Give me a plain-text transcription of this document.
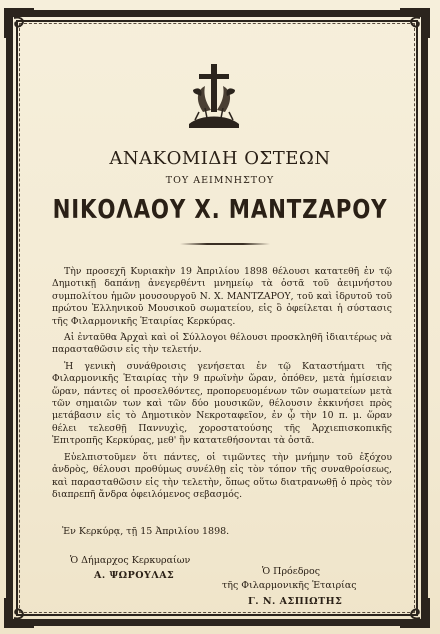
ΑΝΑΚΟΜΙΔΗ ΟΣΤΕΩΝ
ΤΟΥ ΑΕΙΜΝΗΣΤΟΥ
ΝΙΚΟΛΑΟΥ Χ. ΜΑΝΤΖΑΡΟΥ

Τὴν προσεχῆ Κυριακὴν 19 Ἀπριλίου 1898 θέλουσι κατατεθῆ ἐν τῷ Δημοτικῇ δαπάνῃ ἀνεγερθέντι μνημείῳ τὰ ὀστᾶ τοῦ ἀειμνήστου συμπολίτου ἡμῶν μουσουργοῦ Ν. Χ. ΜΑΝΤΖΑΡΟΥ, τοῦ καὶ ἱδρυτοῦ τοῦ πρώτου Ἑλληνικοῦ Μουσικοῦ σωματείου, εἰς ὃ ὀφείλεται ἡ σύστασις τῆς Φιλαρμονικῆς Ἑταιρίας Κερκύρας.

Αἱ ἐνταῦθα Ἀρχαὶ καὶ οἱ Σύλλογοι θέλουσι προσκληθῆ ἰδιαιτέρως νὰ παρασταθῶσιν εἰς τὴν τελετήν.

Ἡ γενικὴ συνάθροισις γενήσεται ἐν τῷ Καταστήματι τῆς Φιλαρμονικῆς Ἑταιρίας τὴν 9 πρωϊνὴν ὥραν, ὁπόθεν, μετὰ ἡμίσειαν ὥραν, πάντες οἱ προσελθόντες, προπορευομένων τῶν σωματείων μετὰ τῶν σημαιῶν των καὶ τῶν δύο μουσικῶν, θέλουσιν ἐκκινήσει πρὸς μετάβασιν εἰς τὸ Δημοτικὸν Νεκροταφεῖον, ἐν ᾧ τὴν 10 π. μ. ὥραν θέλει τελεσθῇ Παννυχὶς, χοροστατούσης τῆς Ἀρχιεπισκοπικῆς Ἐπιτροπῆς Κερκύρας, μεθ' ἣν κατατεθήσονται τὰ ὀστᾶ.

Εὐελπιστοῦμεν ὅτι πάντες, οἱ τιμῶντες τὴν μνήμην τοῦ ἐξόχου ἀνδρὸς, θέλουσι προθύμως συνέλθῃ εἰς τὸν τόπον τῆς συναθροίσεως, καὶ παρασταθῶσιν εἰς τὴν τελετὴν, ὅπως οὕτω διατρανωθῇ ὁ πρὸς τὸν διαπρεπῆ ἄνδρα ὀφειλόμενος σεβασμός.

Ἐν Κερκύρᾳ, τῇ 15 Ἀπριλίου 1898.
Ὁ Δήμαρχος Κερκυραίων
Α. ΨΩΡΟΥΛΑΣ	Ὁ Πρόεδρος
τῆς Φιλαρμονικῆς Ἑταιρίας
Γ. Ν. ΑΣΠΙΩΤΗΣ
